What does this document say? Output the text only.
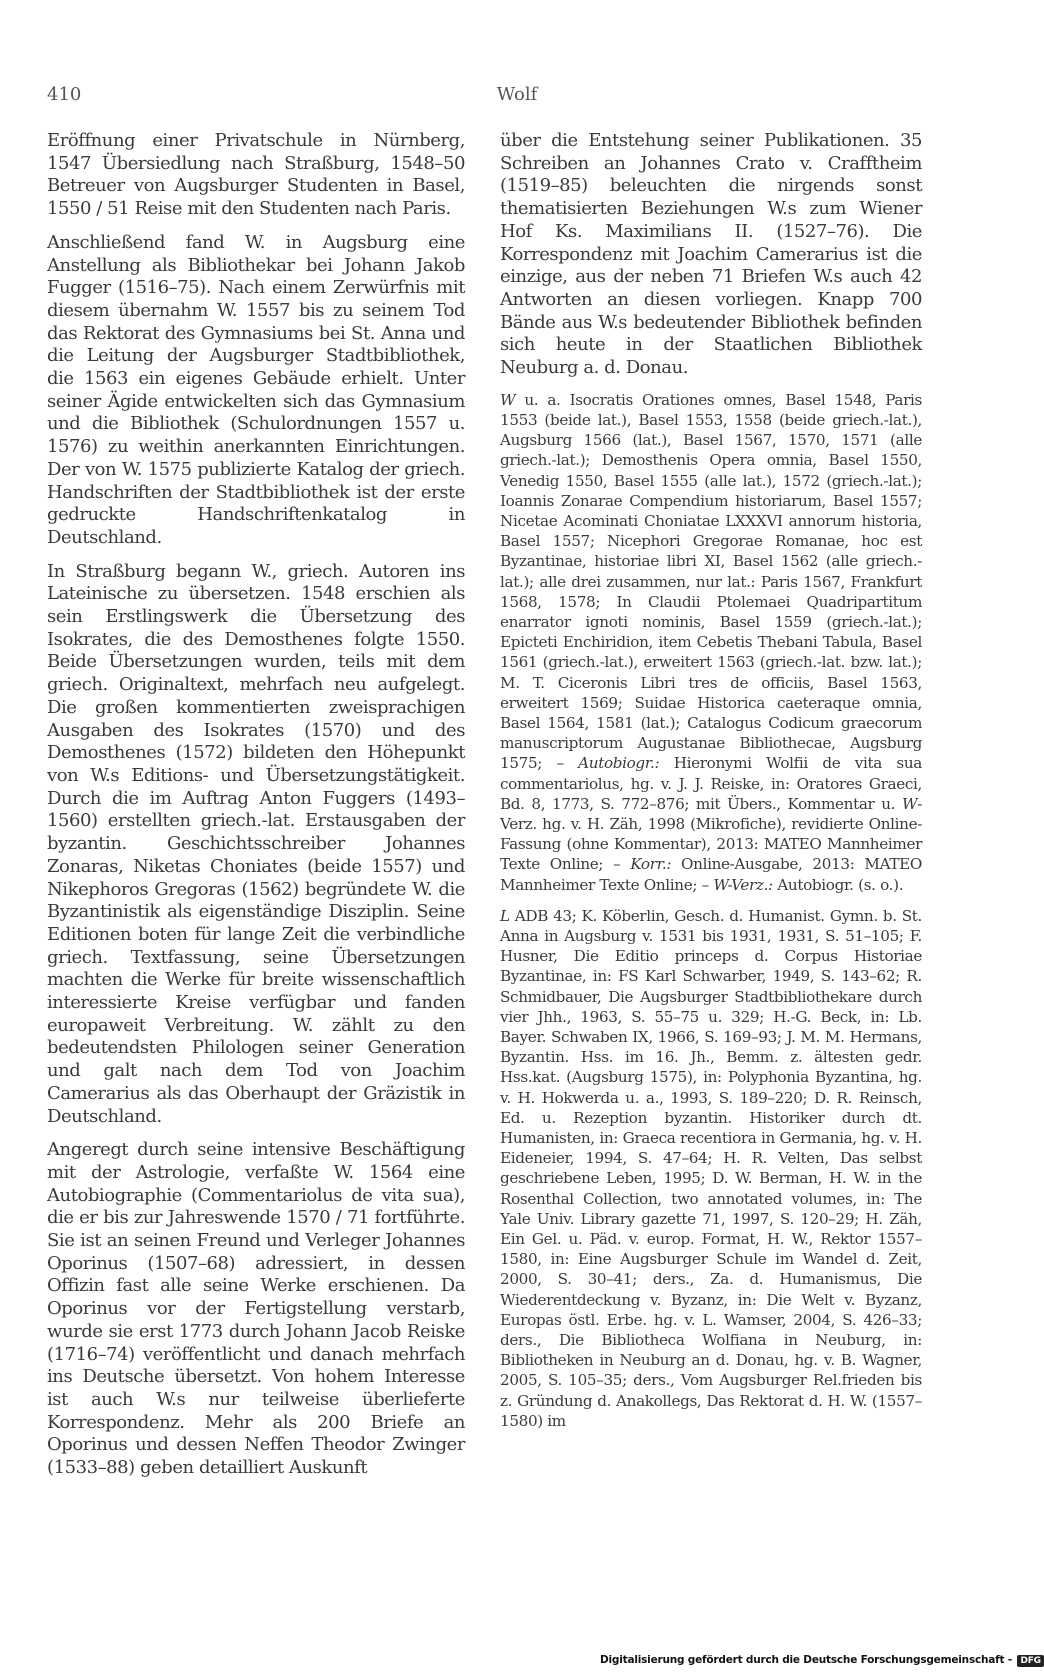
410	Wolf

Eröffnung einer Privatschule in Nürnberg, 1547 Übersiedlung nach Straßburg, 1548–50 Betreuer von Augsburger Studenten in Basel, 1550 / 51 Reise mit den Studenten nach Paris.

Anschließend fand W. in Augsburg eine Anstellung als Bibliothekar bei Johann Jakob Fugger (1516–75). Nach einem Zerwürfnis mit diesem übernahm W. 1557 bis zu seinem Tod das Rektorat des Gymnasiums bei St. Anna und die Leitung der Augsburger Stadtbibliothek, die 1563 ein eigenes Gebäude erhielt. Unter seiner Ägide entwickelten sich das Gymnasium und die Bibliothek (Schulordnungen 1557 u. 1576) zu weithin anerkannten Einrichtungen. Der von W. 1575 publizierte Katalog der griech. Handschriften der Stadtbibliothek ist der erste gedruckte Handschriftenkatalog in Deutschland.

In Straßburg begann W., griech. Autoren ins Lateinische zu übersetzen. 1548 erschien als sein Erstlingswerk die Übersetzung des Isokrates, die des Demosthenes folgte 1550. Beide Übersetzungen wurden, teils mit dem griech. Originaltext, mehrfach neu aufgelegt. Die großen kommentierten zweisprachigen Ausgaben des Isokrates (1570) und des Demosthenes (1572) bildeten den Höhepunkt von W.s Editions- und Übersetzungstätigkeit. Durch die im Auftrag Anton Fuggers (1493–1560) erstellten griech.-lat. Erstausgaben der byzantin. Geschichtsschreiber Johannes Zonaras, Niketas Choniates (beide 1557) und Nikephoros Gregoras (1562) begründete W. die Byzantinistik als eigenständige Disziplin. Seine Editionen boten für lange Zeit die verbindliche griech. Textfassung, seine Übersetzungen machten die Werke für breite wissenschaftlich interessierte Kreise verfügbar und fanden europaweit Verbreitung. W. zählt zu den bedeutendsten Philologen seiner Generation und galt nach dem Tod von Joachim Camerarius als das Oberhaupt der Gräzistik in Deutschland.

Angeregt durch seine intensive Beschäftigung mit der Astrologie, verfaßte W. 1564 eine Autobiographie (Commentariolus de vita sua), die er bis zur Jahreswende 1570 / 71 fortführte. Sie ist an seinen Freund und Verleger Johannes Oporinus (1507–68) adressiert, in dessen Offizin fast alle seine Werke erschienen. Da Oporinus vor der Fertigstellung verstarb, wurde sie erst 1773 durch Johann Jacob Reiske (1716–74) veröffentlicht und danach mehrfach ins Deutsche übersetzt. Von hohem Interesse ist auch W.s nur teilweise überlieferte Korrespondenz. Mehr als 200 Briefe an Oporinus und dessen Neffen Theodor Zwinger (1533–88) geben detailliert Auskunft

über die Entstehung seiner Publikationen. 35 Schreiben an Johannes Crato v. Crafftheim (1519–85) beleuchten die nirgends sonst thematisierten Beziehungen W.s zum Wiener Hof Ks. Maximilians II. (1527–76). Die Korrespondenz mit Joachim Camerarius ist die einzige, aus der neben 71 Briefen W.s auch 42 Antworten an diesen vorliegen. Knapp 700 Bände aus W.s bedeutender Bibliothek befinden sich heute in der Staatlichen Bibliothek Neuburg a. d. Donau.

W u. a. Isocratis Orationes omnes, Basel 1548, Paris 1553 (beide lat.), Basel 1553, 1558 (beide griech.-lat.), Augsburg 1566 (lat.), Basel 1567, 1570, 1571 (alle griech.-lat.); Demosthenis Opera omnia, Basel 1550, Venedig 1550, Basel 1555 (alle lat.), 1572 (griech.-lat.); Ioannis Zonarae Compendium historiarum, Basel 1557; Nicetae Acominati Choniatae LXXXVI annorum historia, Basel 1557; Nicephori Gregorae Romanae, hoc est Byzantinae, historiae libri XI, Basel 1562 (alle griech.-lat.); alle drei zusammen, nur lat.: Paris 1567, Frankfurt 1568, 1578; In Claudii Ptolemaei Quadripartitum enarrator ignoti nominis, Basel 1559 (griech.-lat.); Epicteti Enchiridion, item Cebetis Thebani Tabula, Basel 1561 (griech.-lat.), erweitert 1563 (griech.-lat. bzw. lat.); M. T. Ciceronis Libri tres de officiis, Basel 1563, erweitert 1569; Suidae Historica caeteraque omnia, Basel 1564, 1581 (lat.); Catalogus Codicum graecorum manuscriptorum Augustanae Bibliothecae, Augsburg 1575; – Autobiogr.: Hieronymi Wolfii de vita sua commentariolus, hg. v. J. J. Reiske, in: Oratores Graeci, Bd. 8, 1773, S. 772–876; mit Übers., Kommentar u. W-Verz. hg. v. H. Zäh, 1998 (Mikrofiche), revidierte Online-Fassung (ohne Kommentar), 2013: MATEO Mannheimer Texte Online; – Korr.: Online-Ausgabe, 2013: MATEO Mannheimer Texte Online; – W-Verz.: Autobiogr. (s. o.).

L ADB 43; K. Köberlin, Gesch. d. Humanist. Gymn. b. St. Anna in Augsburg v. 1531 bis 1931, 1931, S. 51–105; F. Husner, Die Editio princeps d. Corpus Historiae Byzantinae, in: FS Karl Schwarber, 1949, S. 143–62; R. Schmidbauer, Die Augsburger Stadtbibliothekare durch vier Jhh., 1963, S. 55–75 u. 329; H.-G. Beck, in: Lb. Bayer. Schwaben IX, 1966, S. 169–93; J. M. M. Hermans, Byzantin. Hss. im 16. Jh., Bemm. z. ältesten gedr. Hss.kat. (Augsburg 1575), in: Polyphonia Byzantina, hg. v. H. Hokwerda u. a., 1993, S. 189–220; D. R. Reinsch, Ed. u. Rezeption byzantin. Historiker durch dt. Humanisten, in: Graeca recentiora in Germania, hg. v. H. Eideneier, 1994, S. 47–64; H. R. Velten, Das selbst geschriebene Leben, 1995; D. W. Berman, H. W. in the Rosenthal Collection, two annotated volumes, in: The Yale Univ. Library gazette 71, 1997, S. 120–29; H. Zäh, Ein Gel. u. Päd. v. europ. Format, H. W., Rektor 1557–1580, in: Eine Augsburger Schule im Wandel d. Zeit, 2000, S. 30–41; ders., Za. d. Humanismus, Die Wiederentdeckung v. Byzanz, in: Die Welt v. Byzanz, Europas östl. Erbe. hg. v. L. Wamser, 2004, S. 426–33; ders., Die Bibliotheca Wolfiana in Neuburg, in: Bibliotheken in Neuburg an d. Donau, hg. v. B. Wagner, 2005, S. 105–35; ders., Vom Augsburger Rel.frieden bis z. Gründung d. Anakollegs, Das Rektorat d. H. W. (1557–1580) im

Digitalisierung gefördert durch die Deutsche Forschungsgemeinschaft - DFG
